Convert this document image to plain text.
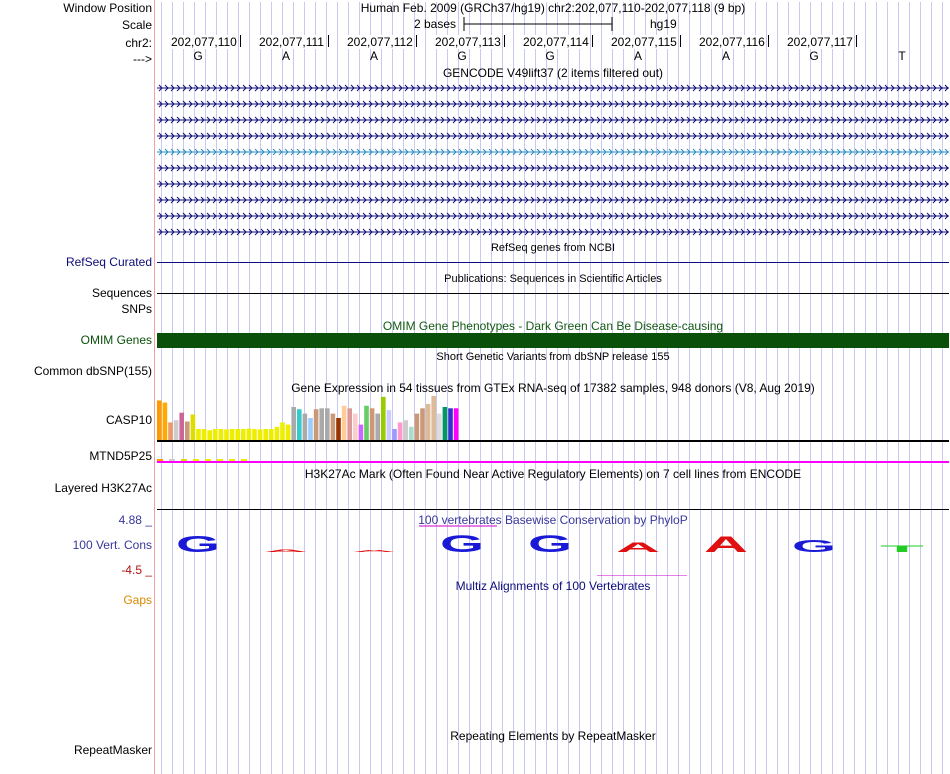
Window Position
Scale
chr2:
--->
Human Feb. 2009 (GRCh37/hg19) chr2:202,077,110-202,077,118 (9 bp)
2 bases	hg19
202,077,110 202,077,111 202,077,112 202,077,113 202,077,114 202,077,115 202,077,116 202,077,117
G	A	A	G	G	A	A	G	T
GENCODE V49lift37 (2 items filtered out)
RefSeq genes from NCBI
RefSeq Curated
Publications: Sequences in Scientific Articles
Sequences
SNPs
OMIM Gene Phenotypes - Dark Green Can Be Disease-causing
OMIM Genes
Short Genetic Variants from dbSNP release 155
Common dbSNP(155)
Gene Expression in 54 tissues from GTEx RNA-seq of 17382 samples, 948 donors (V8, Aug 2019)
CASP10
MTND5P25
H3K27Ac Mark (Often Found Near Active Regulatory Elements) on 7 cell lines from ENCODE
Layered H3K27Ac
4.88 _
100 Vert. Cons
-4.5 _
100 vertebrates Basewise Conservation by PhyloP
G A A G G A A G T
Multiz Alignments of 100 Vertebrates
Gaps
Repeating Elements by RepeatMasker
RepeatMasker
